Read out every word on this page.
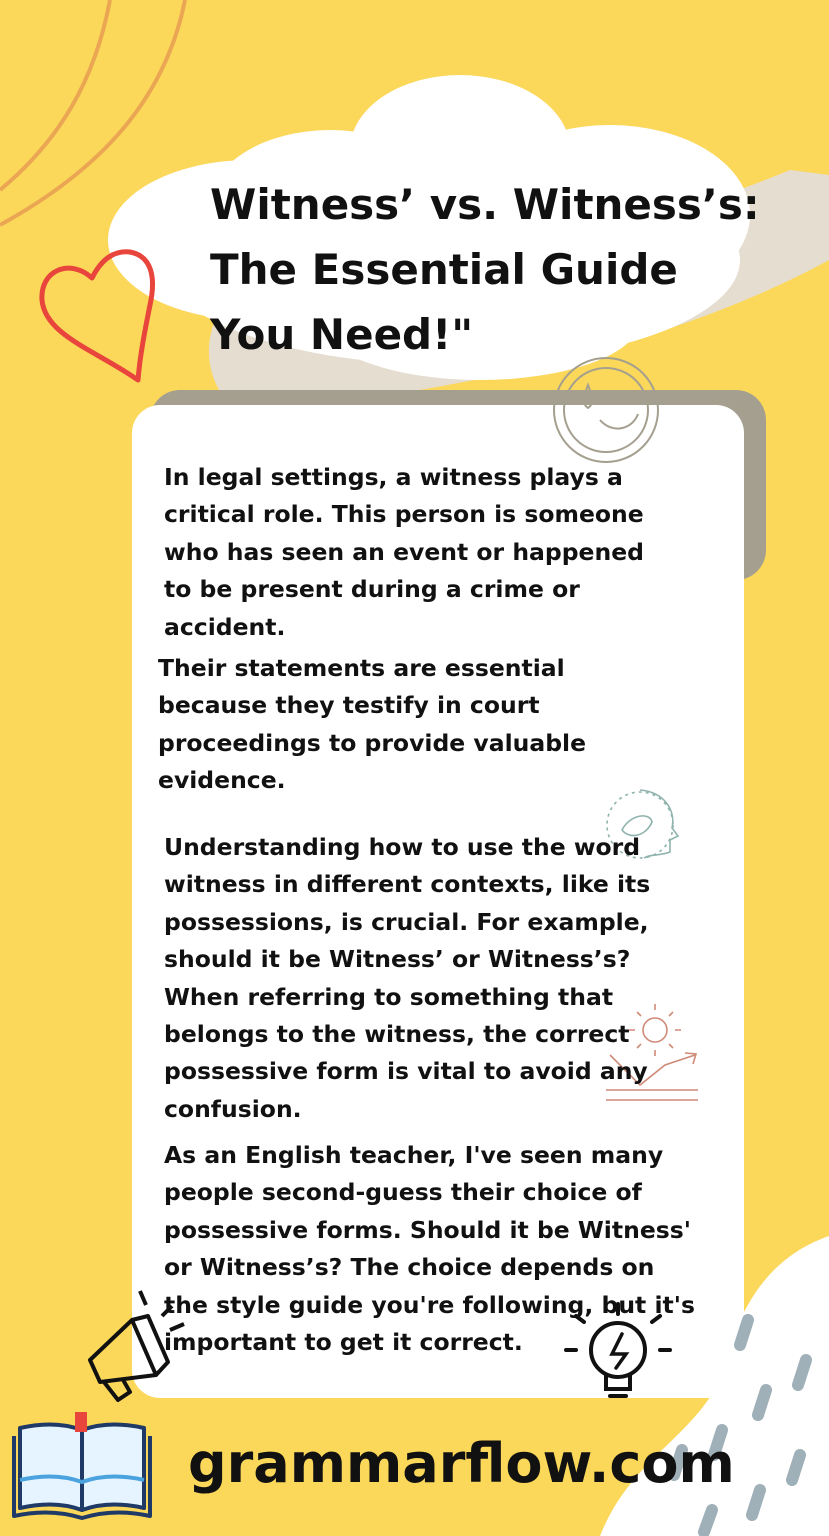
Witness’ vs. Witness’s:
The Essential Guide
You Need!"
In legal settings, a witness plays a
critical role. This person is someone
who has seen an event or happened
to be present during a crime or
accident.
Their statements are essential
because they testify in court
proceedings to provide valuable
evidence.
Understanding how to use the word
witness in different contexts, like its
possessions, is crucial. For example,
should it be Witness’ or Witness’s?
When referring to something that
belongs to the witness, the correct
possessive form is vital to avoid any
confusion.
As an English teacher, I've seen many
people second-guess their choice of
possessive forms. Should it be Witness'
or Witness’s? The choice depends on
the style guide you're following, but it's
important to get it correct.
grammarflow.com
